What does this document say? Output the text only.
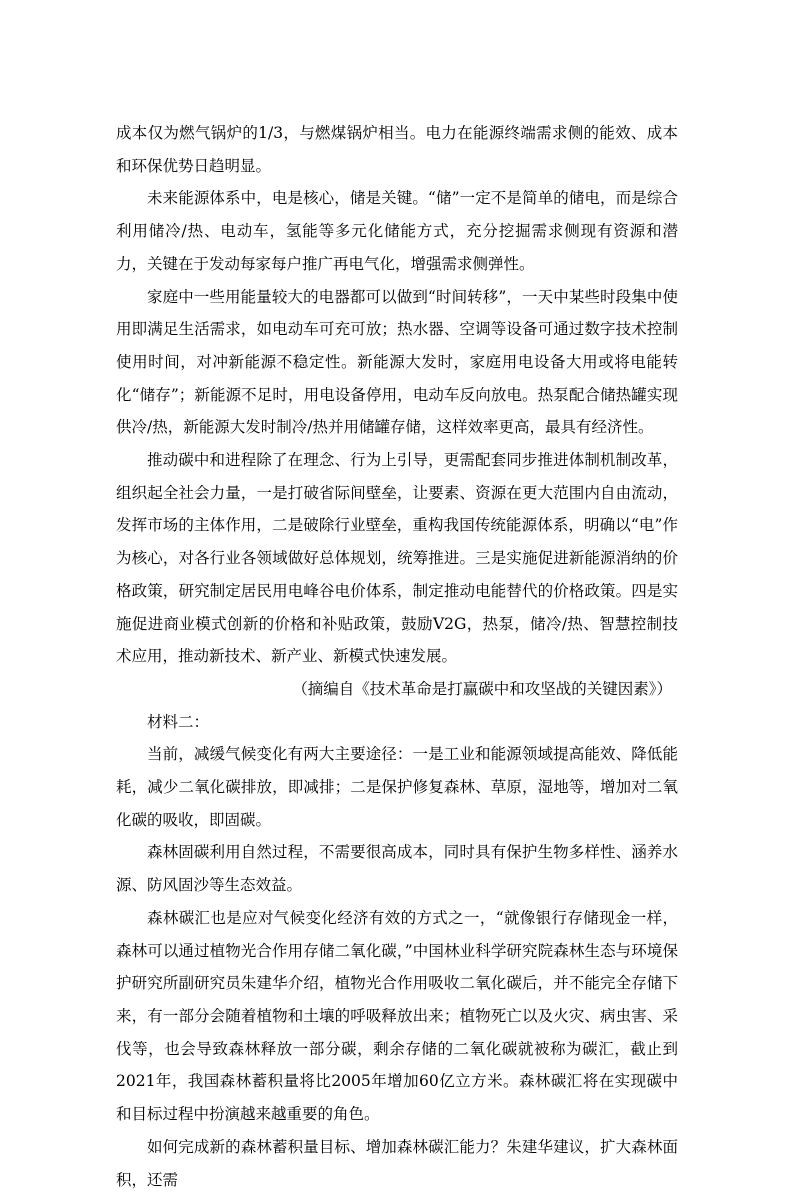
成本仅为燃气锅炉的1/3，与燃煤锅炉相当。电力在能源终端需求侧的能效、成本和环保优势日趋明显。

未来能源体系中，电是核心，储是关键。“储”一定不是简单的储电，而是综合利用储冷/热、电动车，氢能等多元化储能方式，充分挖掘需求侧现有资源和潜力，关键在于发动每家每户推广再电气化，增强需求侧弹性。

家庭中一些用能量较大的电器都可以做到“时间转移”，一天中某些时段集中使用即满足生活需求，如电动车可充可放；热水器、空调等设备可通过数字技术控制使用时间，对冲新能源不稳定性。新能源大发时，家庭用电设备大用或将电能转化“储存”；新能源不足时，用电设备停用，电动车反向放电。热泵配合储热罐实现供冷/热，新能源大发时制冷/热并用储罐存储，这样效率更高，最具有经济性。

推动碳中和进程除了在理念、行为上引导，更需配套同步推进体制机制改革，组织起全社会力量，一是打破省际间壁垒，让要素、资源在更大范围内自由流动，发挥市场的主体作用，二是破除行业壁垒，重构我国传统能源体系，明确以“电”作为核心，对各行业各领域做好总体规划，统筹推进。三是实施促进新能源消纳的价格政策，研究制定居民用电峰谷电价体系，制定推动电能替代的价格政策。四是实施促进商业模式创新的价格和补贴政策，鼓励V2G，热泵，储冷/热、智慧控制技术应用，推动新技术、新产业、新模式快速发展。

（摘编自《技术革命是打赢碳中和攻坚战的关键因素》）

材料二：

当前，减缓气候变化有两大主要途径：一是工业和能源领域提高能效、降低能耗，减少二氧化碳排放，即减排；二是保护修复森林、草原，湿地等，增加对二氧化碳的吸收，即固碳。

森林固碳利用自然过程，不需要很高成本，同时具有保护生物多样性、涵养水源、防风固沙等生态效益。

森林碳汇也是应对气候变化经济有效的方式之一，“就像银行存储现金一样，森林可以通过植物光合作用存储二氧化碳，”中国林业科学研究院森林生态与环境保护研究所副研究员朱建华介绍，植物光合作用吸收二氧化碳后，并不能完全存储下来，有一部分会随着植物和土壤的呼吸释放出来；植物死亡以及火灾、病虫害、采伐等，也会导致森林释放一部分碳，剩余存储的二氧化碳就被称为碳汇，截止到2021年，我国森林蓄积量将比2005年增加60亿立方米。森林碳汇将在实现碳中和目标过程中扮演越来越重要的角色。

如何完成新的森林蓄积量目标、增加森林碳汇能力？朱建华建议，扩大森林面积，还需
